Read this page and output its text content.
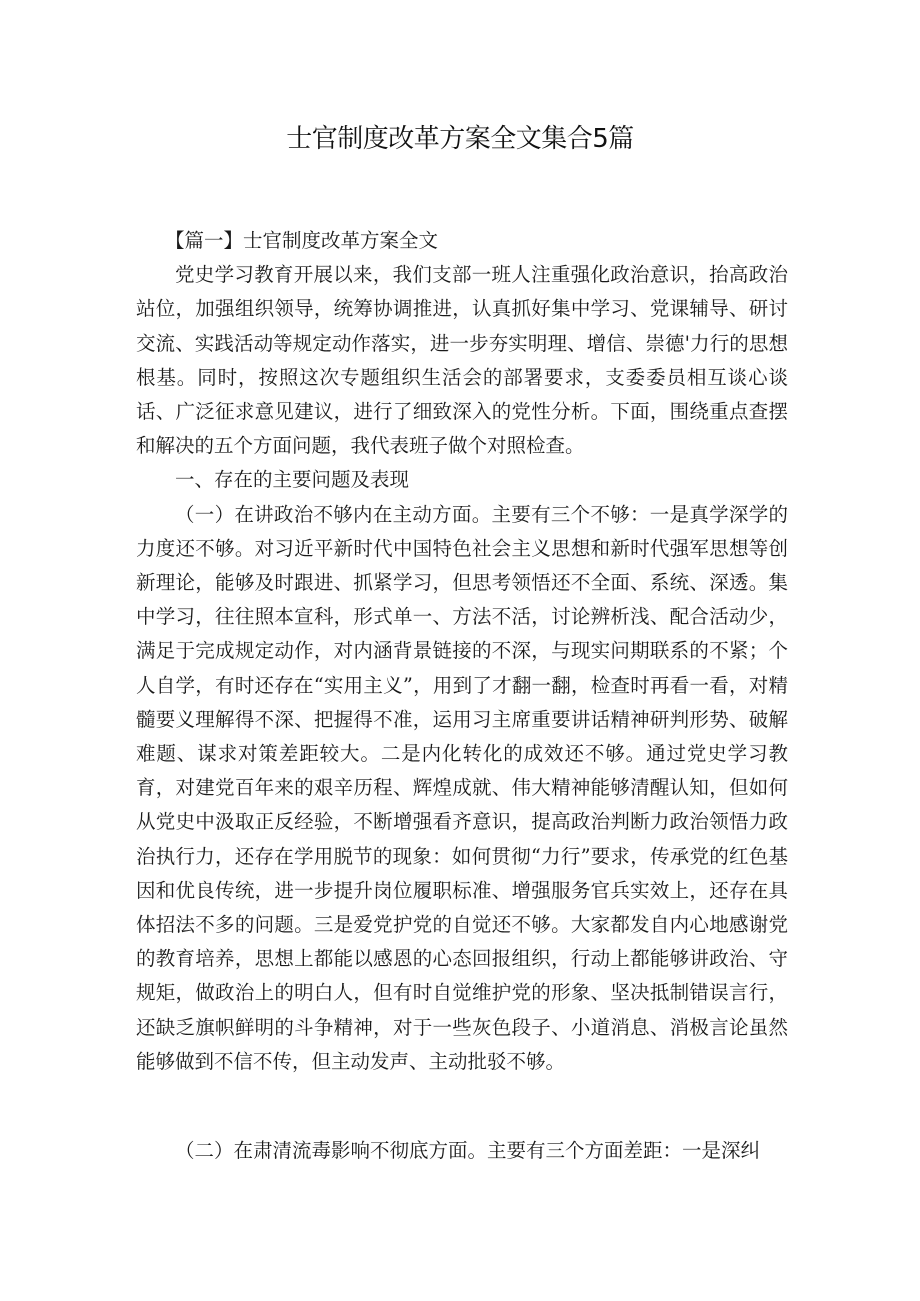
士官制度改革方案全文集合5篇

【篇一】士官制度改革方案全文

党史学习教育开展以来，我们支部一班人注重强化政治意识，抬高政治站位，加强组织领导，统筹协调推进，认真抓好集中学习、党课辅导、研讨交流、实践活动等规定动作落实，进一步夯实明理、增信、崇德'力行的思想根基。同时，按照这次专题组织生活会的部署要求，支委委员相互谈心谈话、广泛征求意见建议，进行了细致深入的党性分析。下面，围绕重点查摆和解决的五个方面问题，我代表班子做个对照检查。

一、存在的主要问题及表现

（一）在讲政治不够内在主动方面。主要有三个不够：一是真学深学的力度还不够。对习近平新时代中国特色社会主义思想和新时代强军思想等创新理论，能够及时跟进、抓紧学习，但思考领悟还不全面、系统、深透。集中学习，往往照本宣科，形式单一、方法不活，讨论辨析浅、配合活动少，满足于完成规定动作，对内涵背景链接的不深，与现实问期联系的不紧；个人自学，有时还存在“实用主义”，用到了才翻一翻，检查时再看一看，对精髓要义理解得不深、把握得不准，运用习主席重要讲话精神研判形势、破解难题、谋求对策差距较大。二是内化转化的成效还不够。通过党史学习教育，对建党百年来的艰辛历程、辉煌成就、伟大精神能够清醒认知，但如何从党史中汲取正反经验，不断增强看齐意识，提高政治判断力政治领悟力政治执行力，还存在学用脱节的现象：如何贯彻“力行”要求，传承党的红色基因和优良传统，进一步提升岗位履职标准、增强服务官兵实效上，还存在具体招法不多的问题。三是爱党护党的自觉还不够。大家都发自内心地感谢党的教育培养，思想上都能以感恩的心态回报组织，行动上都能够讲政治、守规矩，做政治上的明白人，但有时自觉维护党的形象、坚决抵制错误言行，还缺乏旗帜鲜明的斗争精神，对于一些灰色段子、小道消息、消极言论虽然能够做到不信不传，但主动发声、主动批驳不够。

（二）在肃清流毒影响不彻底方面。主要有三个方面差距：一是深纠
